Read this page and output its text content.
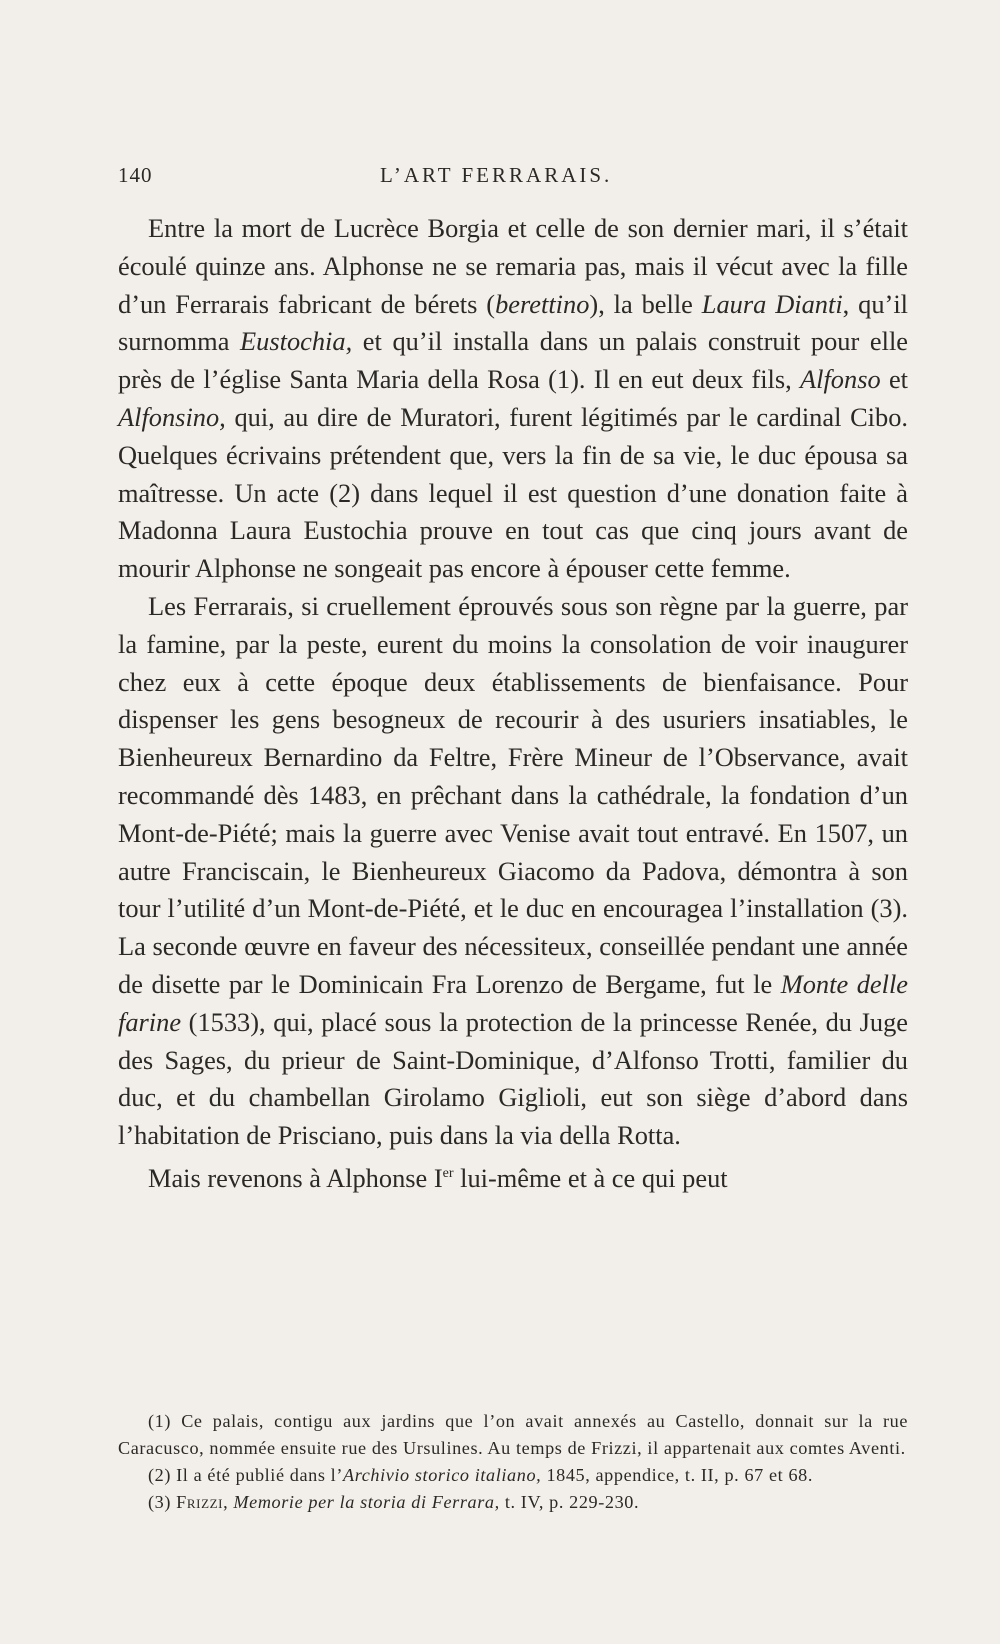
140	L’ART FERRARAIS.

Entre la mort de Lucrèce Borgia et celle de son dernier mari, il s’était écoulé quinze ans. Alphonse ne se remaria pas, mais il vécut avec la fille d’un Ferrarais fabricant de bérets (berettino), la belle Laura Dianti, qu’il surnomma Eustochia, et qu’il installa dans un palais construit pour elle près de l’église Santa Maria della Rosa (1). Il en eut deux fils, Alfonso et Alfonsino, qui, au dire de Muratori, furent légitimés par le cardinal Cibo. Quelques écrivains prétendent que, vers la fin de sa vie, le duc épousa sa maîtresse. Un acte (2) dans lequel il est question d’une donation faite à Madonna Laura Eustochia prouve en tout cas que cinq jours avant de mourir Alphonse ne songeait pas encore à épouser cette femme.

Les Ferrarais, si cruellement éprouvés sous son règne par la guerre, par la famine, par la peste, eurent du moins la consolation de voir inaugurer chez eux à cette époque deux établissements de bienfaisance. Pour dispenser les gens besogneux de recourir à des usuriers insatiables, le Bienheureux Bernardino da Feltre, Frère Mineur de l’Observance, avait recommandé dès 1483, en prêchant dans la cathédrale, la fondation d’un Mont-de-Piété; mais la guerre avec Venise avait tout entravé. En 1507, un autre Franciscain, le Bienheureux Giacomo da Padova, démontra à son tour l’utilité d’un Mont-de-Piété, et le duc en encouragea l’installation (3). La seconde œuvre en faveur des nécessiteux, conseillée pendant une année de disette par le Dominicain Fra Lorenzo de Bergame, fut le Monte delle farine (1533), qui, placé sous la protection de la princesse Renée, du Juge des Sages, du prieur de Saint-Dominique, d’Alfonso Trotti, familier du duc, et du chambellan Girolamo Giglioli, eut son siège d’abord dans l’habitation de Prisciano, puis dans la via della Rotta.

Mais revenons à Alphonse Ier lui-même et à ce qui peut

(1) Ce palais, contigu aux jardins que l’on avait annexés au Castello, donnait sur la rue Caracusco, nommée ensuite rue des Ursulines. Au temps de Frizzi, il appartenait aux comtes Aventi.

(2) Il a été publié dans l’Archivio storico italiano, 1845, appendice, t. II, p. 67 et 68.

(3) Frizzi, Memorie per la storia di Ferrara, t. IV, p. 229-230.
